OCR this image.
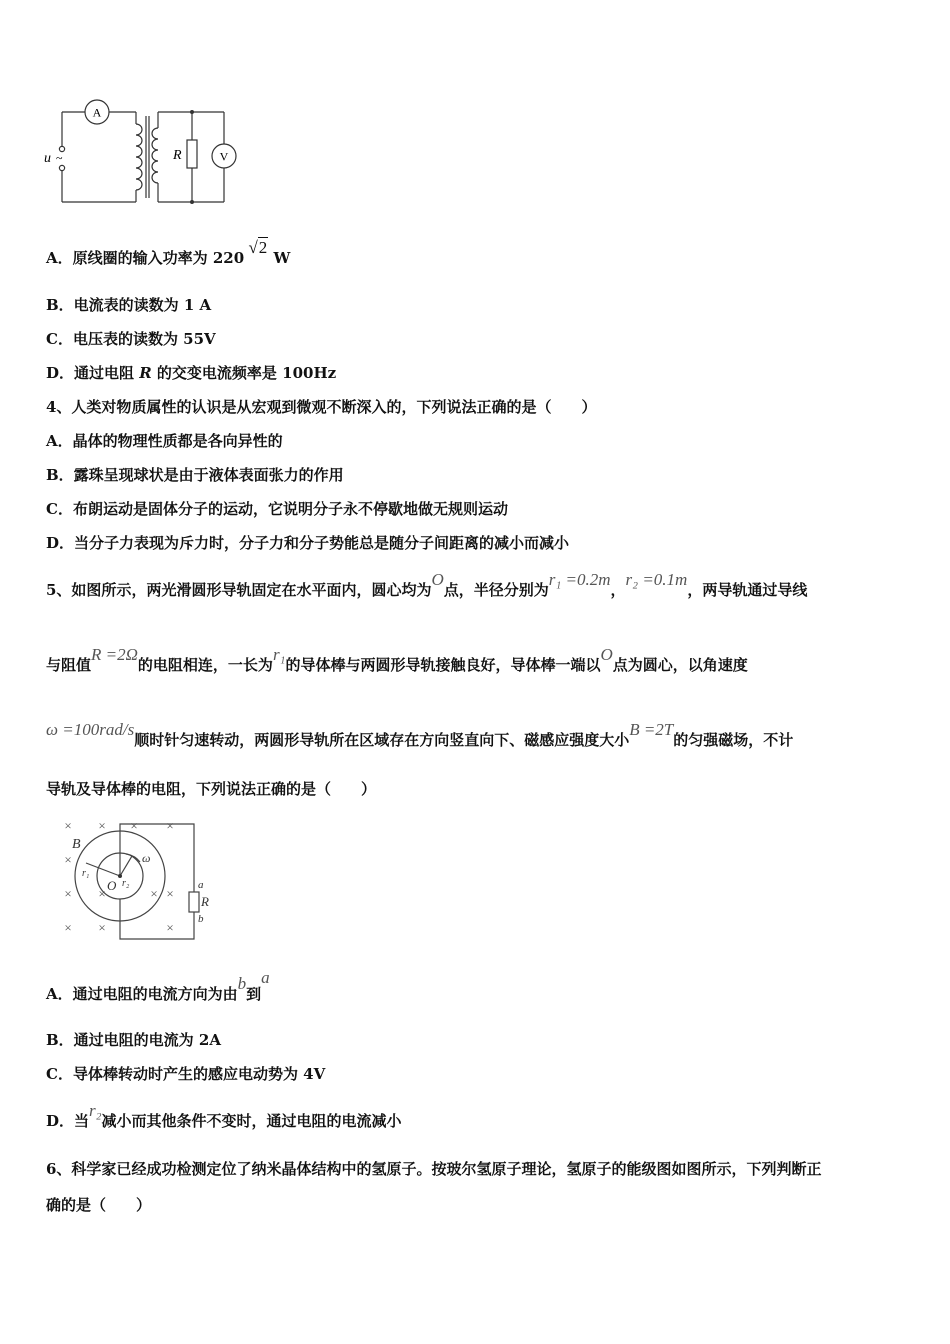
A
V
R
u ~
A．原线圈的输入功率为 220 √2 W
B．电流表的读数为 1 A
C．电压表的读数为 55V
D．通过电阻 R 的交变电流频率是 100Hz
4、人类对物质属性的认识是从宏观到微观不断深入的，下列说法正确的是（　　）
A．晶体的物理性质都是各向异性的
B．露珠呈现球状是由于液体表面张力的作用
C．布朗运动是固体分子的运动，它说明分子永不停歇地做无规则运动
D．当分子力表现为斥力时，分子力和分子势能总是随分子间距离的减小而减小
5、如图所示，两光滑圆形导轨固定在水平面内，圆心均为O点，半径分别为r₁ =0.2m，r₂ =0.1m，两导轨通过导线
与阻值R =2Ω的电阻相连，一长为r₁的导体棒与两圆形导轨接触良好，导体棒一端以O点为圆心，以角速度
ω =100rad/s顺时针匀速转动，两圆形导轨所在区域存在方向竖直向下、磁感应强度大小B =2T的匀强磁场，不计
导轨及导体棒的电阻，下列说法正确的是（　　）
× × × ×
×
×
× ×	×
×
×	×
B
O
r₁
r₂
ω
a
R
b
A．通过电阻的电流方向为由b到a
B．通过电阻的电流为 2A
C．导体棒转动时产生的感应电动势为 4V
D．当r₂减小而其他条件不变时，通过电阻的电流减小
6、科学家已经成功检测定位了纳米晶体结构中的氢原子。按玻尔氢原子理论，氢原子的能级图如图所示，下列判断正
确的是（　　）
